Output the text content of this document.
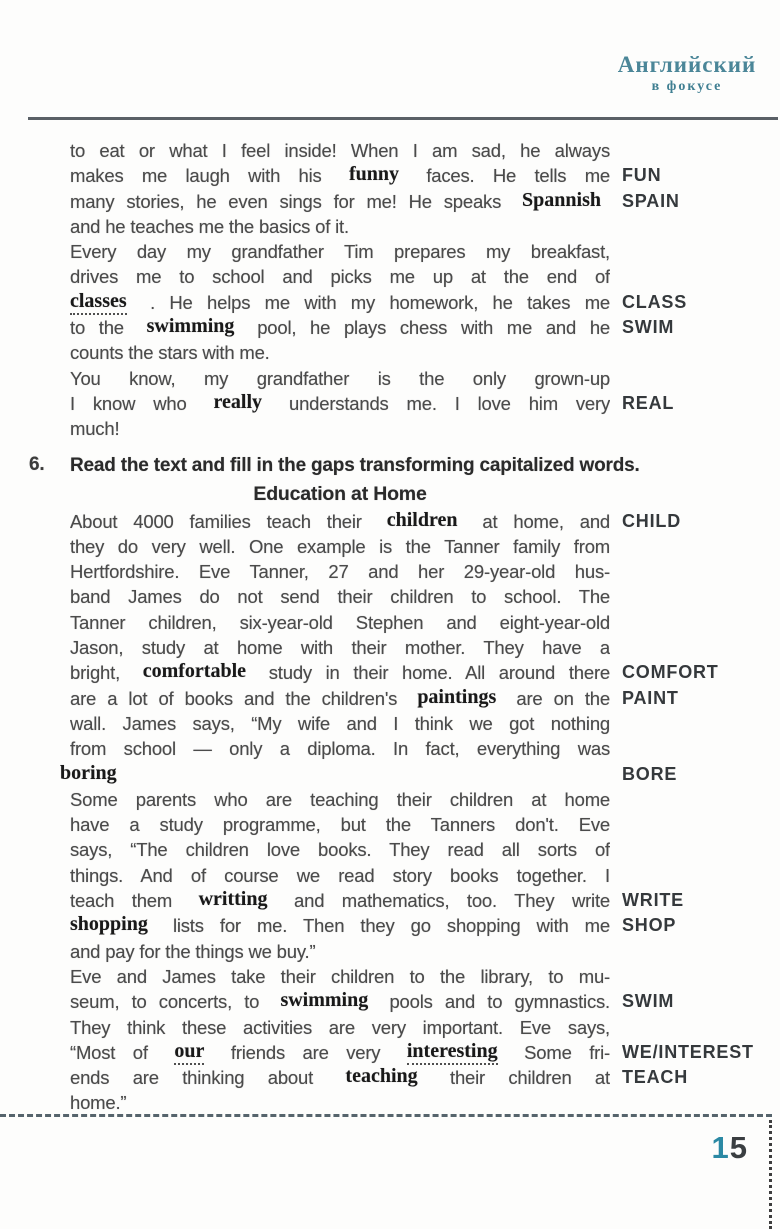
Английский
в фокусе
to eat or what I feel inside! When I am sad, he always
makes me laugh with his funny faces. He tells me FUN
many stories, he even sings for me! He speaks Spannish	SPAIN
and he teaches me the basics of it.
Every day my grandfather Tim prepares my breakfast,
drives me to school and picks me up at the end of
classes . He helps me with my homework, he takes me CLASS
to the swimming pool, he plays chess with me and he SWIM
counts the stars with me.
You know, my grandfather is the only grown-up
I know who really understands me. I love him very REAL
much!
6. Read the text and fill in the gaps transforming capitalized words.
Education at Home
About 4000 families teach their children at home, and CHILD
they do very well. One example is the Tanner family from
Hertfordshire. Eve Tanner, 27 and her 29-year-old hus-
band James do not send their children to school. The
Tanner children, six-year-old Stephen and eight-year-old
Jason, study at home with their mother. They have a
bright, comfortable study in their home. All around there COMFORT
are a lot of books and the children's paintings are on the PAINT
wall. James says, “My wife and I think we got nothing
from school — only a diploma. In fact, everything was
boring	BORE
Some parents who are teaching their children at home
have a study programme, but the Tanners don't. Eve
says, “The children love books. They read all sorts of
things. And of course we read story books together. I
teach them writting and mathematics, too. They write WRITE
shopping lists for me. Then they go shopping with me SHOP
and pay for the things we buy.”
Eve and James take their children to the library, to mu-
seum, to concerts, to swimming pools and to gymnastics. SWIM
They think these activities are very important. Eve says,
“Most of our friends are very interesting Some fri- WE/INTEREST
ends are thinking about teaching their children at TEACH
home.”
15
